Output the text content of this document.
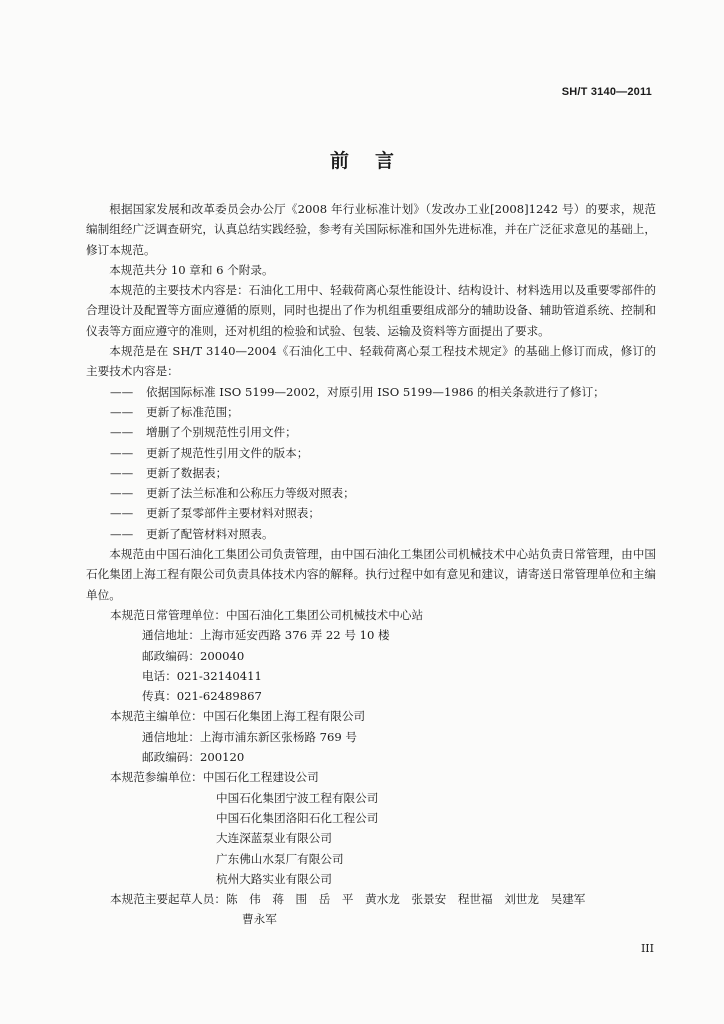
SH/T 3140—2011
前言

根据国家发展和改革委员会办公厅《2008 年行业标准计划》（发改办工业[2008]1242 号）的要求，规范编制组经广泛调查研究，认真总结实践经验，参考有关国际标准和国外先进标准，并在广泛征求意见的基础上，修订本规范。

本规范共分 10 章和 6 个附录。

本规范的主要技术内容是：石油化工用中、轻载荷离心泵性能设计、结构设计、材料选用以及重要零部件的合理设计及配置等方面应遵循的原则，同时也提出了作为机组重要组成部分的辅助设备、辅助管道系统、控制和仪表等方面应遵守的准则，还对机组的检验和试验、包装、运输及资料等方面提出了要求。

本规范是在 SH/T 3140—2004《石油化工中、轻载荷离心泵工程技术规定》的基础上修订而成，修订的主要技术内容是：

—— 依据国际标准 ISO 5199—2002，对原引用 ISO 5199—1986 的相关条款进行了修订；
—— 更新了标准范围；
—— 增删了个别规范性引用文件；
—— 更新了规范性引用文件的版本；
—— 更新了数据表；
—— 更新了法兰标准和公称压力等级对照表；
—— 更新了泵零部件主要材料对照表；
—— 更新了配管材料对照表。

本规范由中国石油化工集团公司负责管理，由中国石油化工集团公司机械技术中心站负责日常管理，由中国石化集团上海工程有限公司负责具体技术内容的解释。执行过程中如有意见和建议，请寄送日常管理单位和主编单位。

本规范日常管理单位： 中国石油化工集团公司机械技术中心站
通信地址：上海市延安西路 376 弄 22 号 10 楼
邮政编码：200040
电话：021-32140411
传真：021-62489867
本规范主编单位： 中国石化集团上海工程有限公司
通信地址：上海市浦东新区张杨路 769 号
邮政编码：200120
本规范参编单位： 中国石化工程建设公司
中国石化集团宁波工程有限公司
中国石化集团洛阳石化工程公司
大连深蓝泵业有限公司
广东佛山水泵厂有限公司
杭州大路实业有限公司
本规范主要起草人员： 陈　伟　蒋　围　岳　平　黄水龙　张景安　程世福　刘世龙　吴建军
曹永军
III
